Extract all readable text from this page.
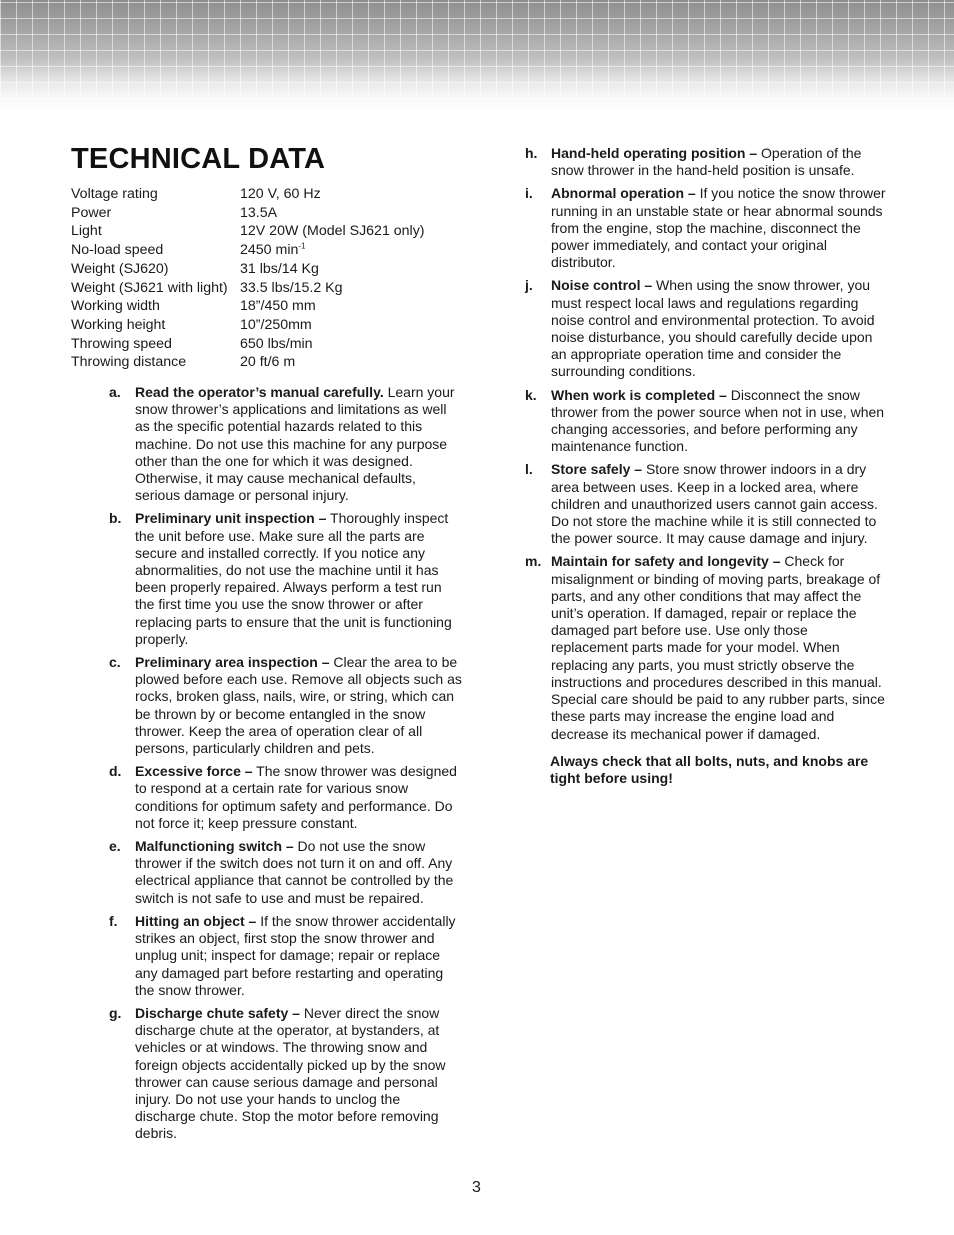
TECHNICAL DATA
Voltage rating	120 V, 60 Hz
Power	13.5A
Light	12V 20W (Model SJ621 only)
No-load speed	2450 $\min^{-1}$
Weight (SJ620)	31 lbs/14 Kg
Weight (SJ621 with light) 33.5 lbs/15.2 Kg
Working width	18”/450 mm
Working height	10”/250mm
Throwing speed	650 lbs/min
Throwing distance	20 ft/6 m
a.	Read the operator’s manual carefully. Learn your snow thrower’s applications and limitations as well as the specific potential hazards related to this machine. Do not use this machine for any purpose other than the one for which it was designed. Otherwise, it may cause mechanical defaults, serious damage or personal injury.
b. Preliminary unit inspection – Thoroughly inspect the unit before use. Make sure all the parts are secure and installed correctly. If you notice any abnormalities, do not use the machine until it has been properly repaired. Always perform a test run the first time you use the snow thrower or after replacing parts to ensure that the unit is functioning properly.
c.	Preliminary area inspection – Clear the area to be plowed before each use. Remove all objects such as rocks, broken glass, nails, wire, or string, which can be thrown by or become entangled in the snow thrower. Keep the area of operation clear of all persons, particularly children and pets.
d. Excessive force – The snow thrower was designed to respond at a certain rate for various snow conditions for optimum safety and performance. Do not force it; keep pressure constant.
e.	Malfunctioning switch – Do not use the snow thrower if the switch does not turn it on and off. Any electrical appliance that cannot be controlled by the switch is not safe to use and must be repaired.
f.	Hitting an object – If the snow thrower accidentally strikes an object, first stop the snow thrower and unplug unit; inspect for damage; repair or replace any damaged part before restarting and operating the snow thrower.
g. Discharge chute safety – Never direct the snow discharge chute at the operator, at bystanders, at vehicles or at windows. The throwing snow and foreign objects accidentally picked up by the snow thrower can cause serious damage and personal injury. Do not use your hands to unclog the discharge chute. Stop the motor before removing debris.
h. Hand-held operating position – Operation of the snow thrower in the hand-held position is unsafe.
i.	Abnormal operation – If you notice the snow thrower running in an unstable state or hear abnormal sounds from the engine, stop the machine, disconnect the power immediately, and contact your original distributor.
j.	Noise control – When using the snow thrower, you must respect local laws and regulations regarding noise control and environmental protection. To avoid noise disturbance, you should carefully decide upon an appropriate operation time and consider the surrounding conditions.
k.	When work is completed – Disconnect the snow thrower from the power source when not in use, when changing accessories, and before performing any maintenance function.
l.	Store safely – Store snow thrower indoors in a dry area between uses. Keep in a locked area, where children and unauthorized users cannot gain access. Do not store the machine while it is still connected to the power source. It may cause damage and injury.
m. Maintain for safety and longevity – Check for misalignment or binding of moving parts, breakage of parts, and any other conditions that may affect the unit’s operation. If damaged, repair or replace the damaged part before use. Use only those replacement parts made for your model. When replacing any parts, you must strictly observe the instructions and procedures described in this manual. Special care should be paid to any rubber parts, since these parts may increase the engine load and decrease its mechanical power if damaged.
Always check that all bolts, nuts, and knobs are tight before using!
3
